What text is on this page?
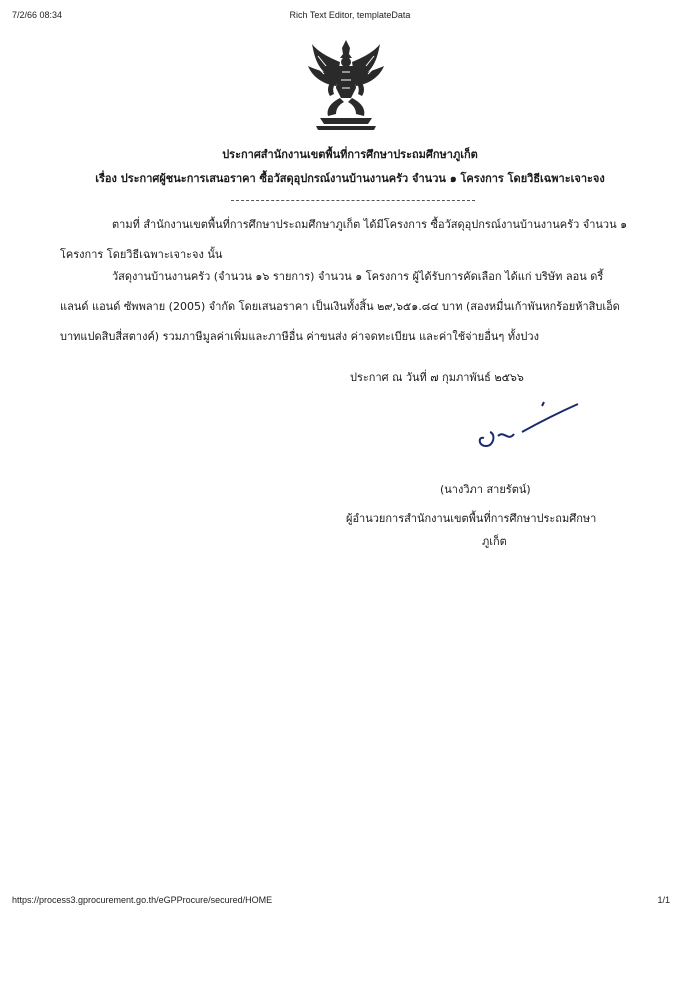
7/2/66 08:34	Rich Text Editor, templateData
ประกาศสำนักงานเขตพื้นที่การศึกษาประถมศึกษาภูเก็ต
เรื่อง ประกาศผู้ชนะการเสนอราคา ซื้อวัสดุอุปกรณ์งานบ้านงานครัว จำนวน ๑ โครงการ โดยวิธีเฉพาะเจาะจง
ตามที่ สำนักงานเขตพื้นที่การศึกษาประถมศึกษาภูเก็ต ได้มีโครงการ ซื้อวัสดุอุปกรณ์งานบ้านงานครัว จำนวน ๑ โครงการ โดยวิธีเฉพาะเจาะจง นั้น
วัสดุงานบ้านงานครัว (จำนวน ๑๖ รายการ) จำนวน ๑ โครงการ ผู้ได้รับการคัดเลือก ได้แก่ บริษัท ลอน ดรี้แลนด์ แอนด์ ซัพพลาย (2005) จำกัด โดยเสนอราคา เป็นเงินทั้งสิ้น ๒๙,๖๕๑.๘๔ บาท (สองหมื่นเก้าพันหกร้อยห้าสิบเอ็ดบาทแปดสิบสี่สตางค์) รวมภาษีมูลค่าเพิ่มและภาษีอื่น ค่าขนส่ง ค่าจดทะเบียน และค่าใช้จ่ายอื่นๆ ทั้งปวง
ประกาศ ณ วันที่ ๗ กุมภาพันธ์ ๒๕๖๖
(นางวิภา สายรัตน์)
ผู้อำนวยการสำนักงานเขตพื้นที่การศึกษาประถมศึกษา
ภูเก็ต
https://process3.gprocurement.go.th/eGPProcure/secured/HOME	1/1
